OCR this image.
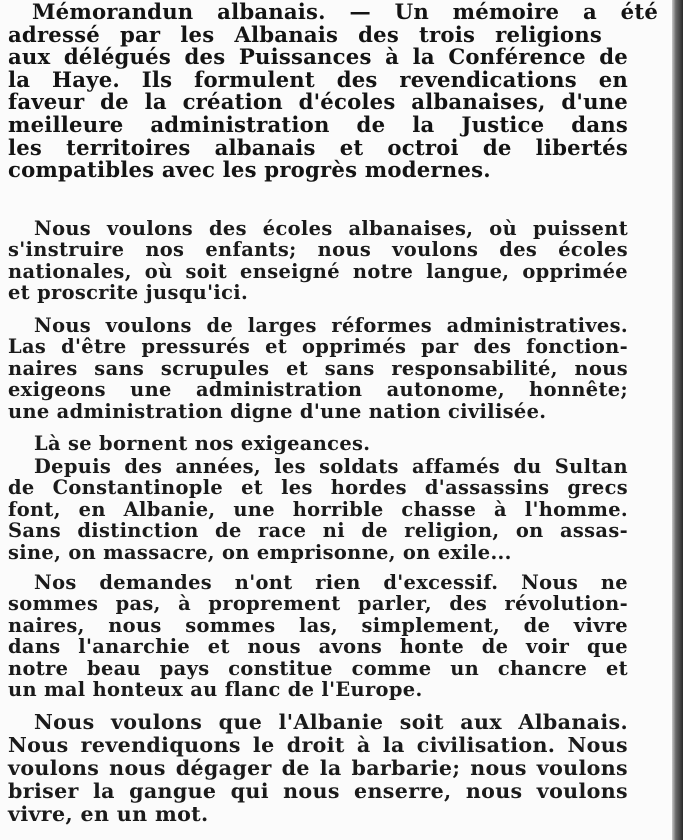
Mémorandun albanais. — Un mémoire a été
adressé par les Albanais des trois religions
aux délégués des Puissances à la Conférence de
la Haye. Ils formulent des revendications en
faveur de la création d'écoles albanaises, d'une
meilleure administration de la Justice dans
les territoires albanais et octroi de libertés
compatibles avec les progrès modernes.
Nous voulons des écoles albanaises, où puissent
s'instruire nos enfants; nous voulons des écoles
nationales, où soit enseigné notre langue, opprimée
et proscrite jusqu'ici.
Nous voulons de larges réformes administratives.
Las d'être pressurés et opprimés par des fonction-
naires sans scrupules et sans responsabilité, nous
exigeons une administration autonome, honnête;
une administration digne d'une nation civilisée.
Là se bornent nos exigeances.
Depuis des années, les soldats affamés du Sultan
de Constantinople et les hordes d'assassins grecs
font, en Albanie, une horrible chasse à l'homme.
Sans distinction de race ni de religion, on assas-
sine, on massacre, on emprisonne, on exile...
Nos demandes n'ont rien d'excessif. Nous ne
sommes pas, à proprement parler, des révolution-
naires, nous sommes las, simplement, de vivre
dans l'anarchie et nous avons honte de voir que
notre beau pays constitue comme un chancre et
un mal honteux au flanc de l'Europe.
Nous voulons que l'Albanie soit aux Albanais.
Nous revendiquons le droit à la civilisation. Nous
voulons nous dégager de la barbarie; nous voulons
briser la gangue qui nous enserre, nous voulons
vivre, en un mot.
